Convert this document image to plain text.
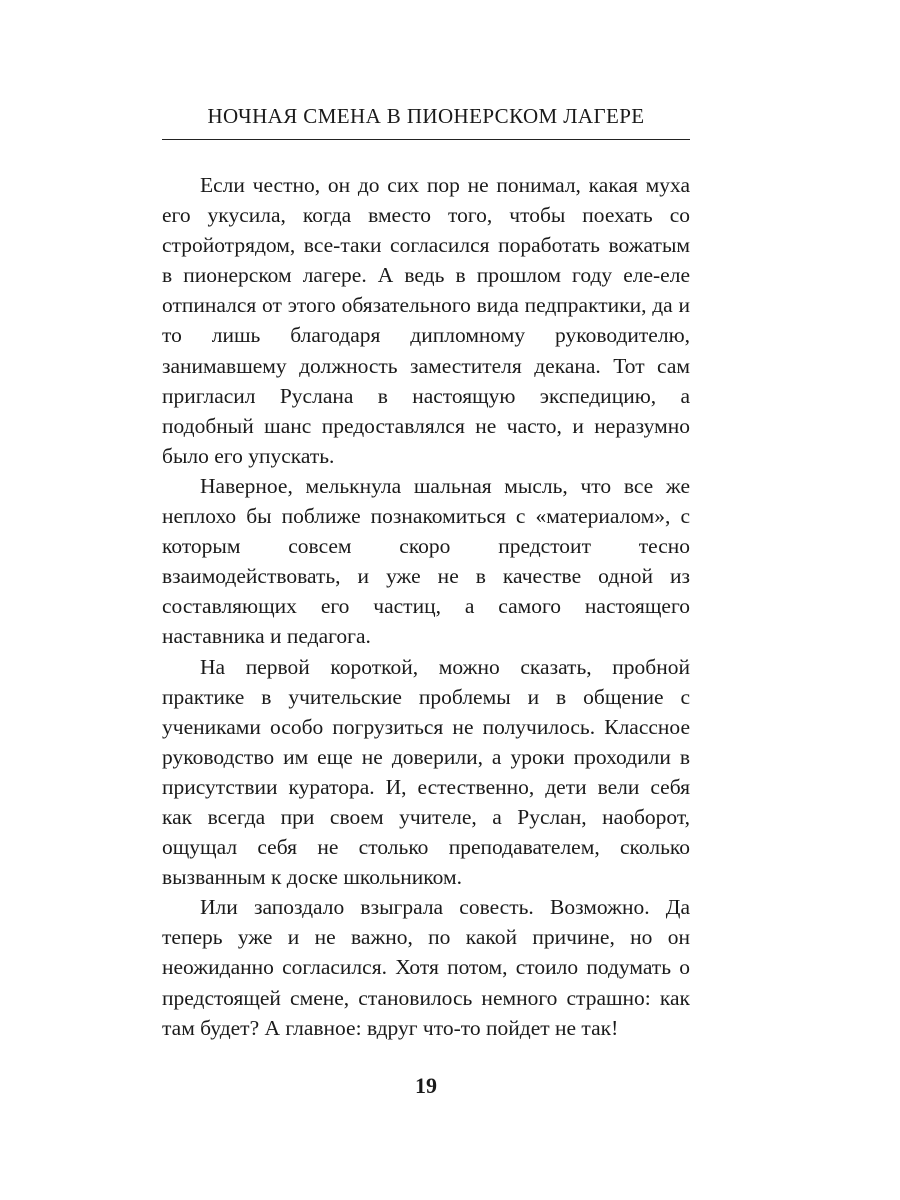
НОЧНАЯ СМЕНА В ПИОНЕРСКОМ ЛАГЕРЕ

Если честно, он до сих пор не понимал, какая муха его укусила, когда вместо того, чтобы поехать со стройотрядом, все-таки согласился поработать вожатым в пионерском лагере. А ведь в прошлом году еле-еле отпинался от этого обязательного вида педпрактики, да и то лишь благодаря дипломному руководителю, занимавшему должность заместителя декана. Тот сам пригласил Руслана в настоящую экспедицию, а подобный шанс предоставлялся не часто, и неразумно было его упускать.

Наверное, мелькнула шальная мысль, что все же неплохо бы поближе познакомиться с «материалом», с которым совсем скоро предстоит тесно взаимодействовать, и уже не в качестве одной из составляющих его частиц, а самого настоящего наставника и педагога.

На первой короткой, можно сказать, пробной практике в учительские проблемы и в общение с учениками особо погрузиться не получилось. Классное руководство им еще не доверили, а уроки проходили в присутствии куратора. И, естественно, дети вели себя как всегда при своем учителе, а Руслан, наоборот, ощущал себя не столько преподавателем, сколько вызванным к доске школьником.

Или запоздало взыграла совесть. Возможно. Да теперь уже и не важно, по какой причине, но он неожиданно согласился. Хотя потом, стоило подумать о предстоящей смене, становилось немного страшно: как там будет? А главное: вдруг что-то пойдет не так!

19
